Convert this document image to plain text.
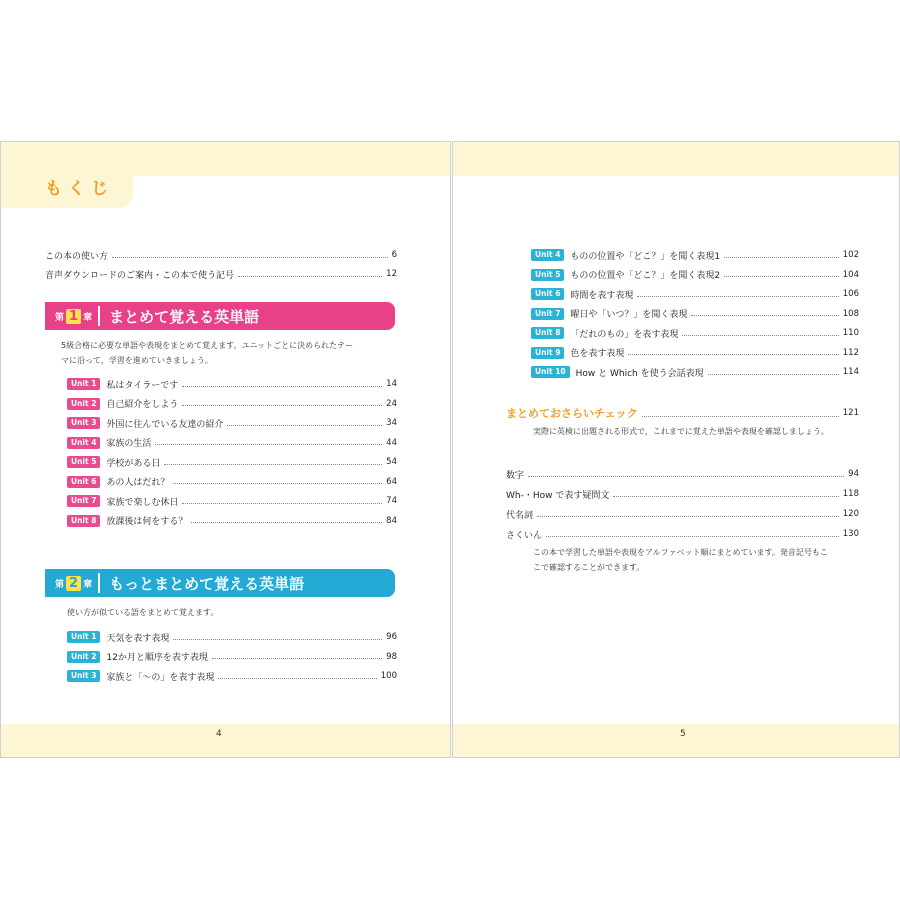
もくじ
この本の使い方	6
音声ダウンロードのご案内・この本で使う記号	12
第 1 章 まとめて覚える英単語
5級合格に必要な単語や表現をまとめて覚えます。ユニットごとに決められたテー
マに沿って，学習を進めていきましょう。
Unit 1	私はタイラーです	14
Unit 2	自己紹介をしよう	24
Unit 3	外国に住んでいる友達の紹介	34
Unit 4	家族の生活	44
Unit 5	学校がある日	54
Unit 6	あの人はだれ？	64
Unit 7	家族で楽しむ休日	74
Unit 8	放課後は何をする？	84
第 2 章 もっとまとめて覚える英単語
使い方が似ている語をまとめて覚えます。
Unit 1	天気を表す表現	96
Unit 2	12か月と順序を表す表現	98
Unit 3	家族と「～の」を表す表現	100
4
Unit 4	ものの位置や「どこ？」を聞く表現1	102
Unit 5	ものの位置や「どこ？」を聞く表現2	104
Unit 6	時間を表す表現	106
Unit 7	曜日や「いつ？」を聞く表現	108
Unit 8	「だれのもの」を表す表現	110
Unit 9	色を表す表現	112
Unit 10	How と Which を使う会話表現	114
まとめておさらいチェック	121
実際に英検に出題される形式で，これまでに覚えた単語や表現を確認しましょう。
数字	94
Wh-・How で表す疑問文	118
代名詞	120
さくいん	130
この本で学習した単語や表現をアルファベット順にまとめています。発音記号もこ
こで確認することができます。
5
